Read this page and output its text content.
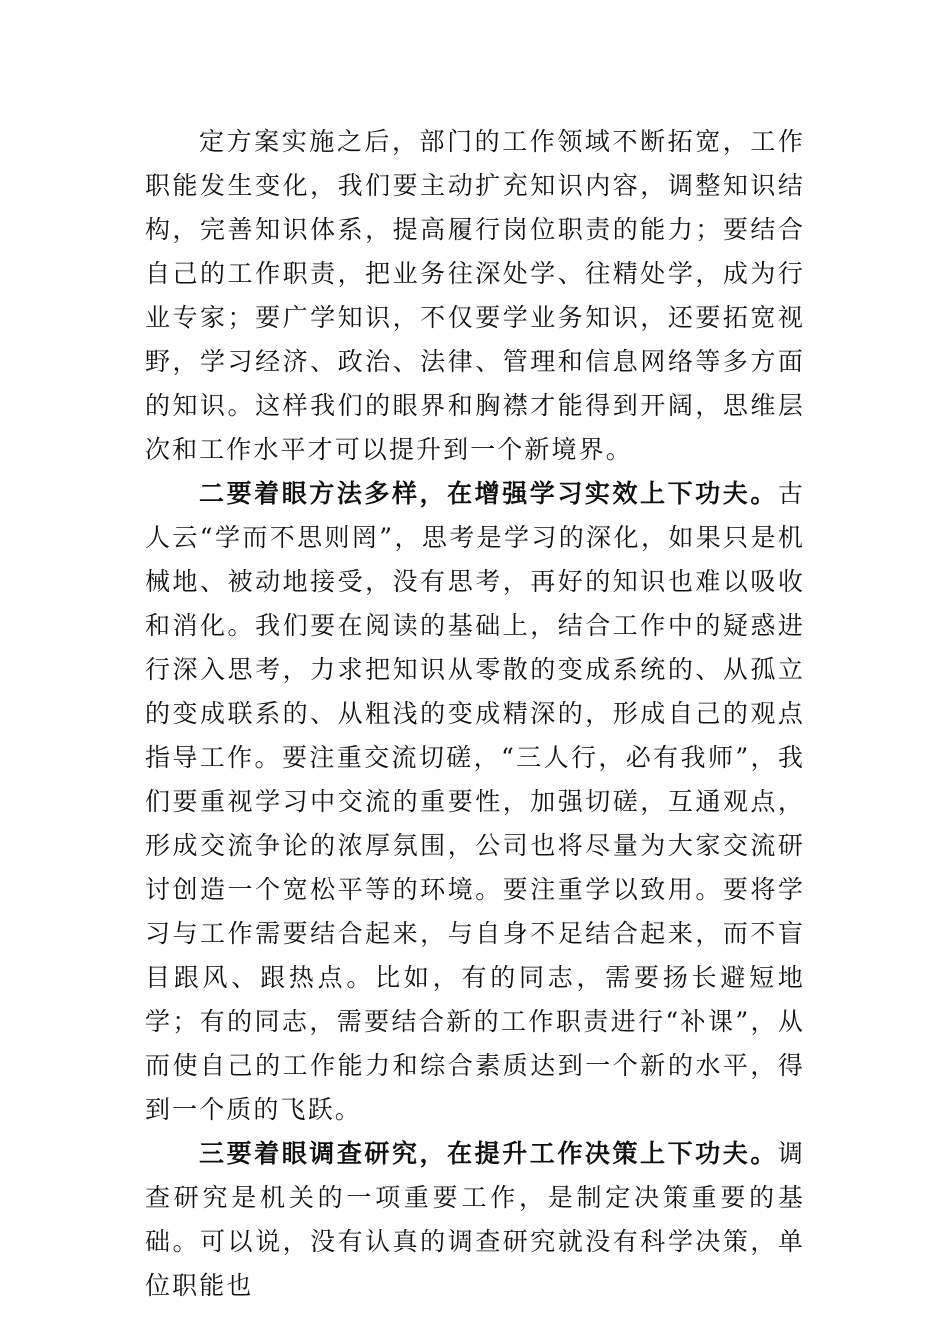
定方案实施之后，部门的工作领域不断拓宽，工作职能发生变化，我们要主动扩充知识内容，调整知识结构，完善知识体系，提高履行岗位职责的能力；要结合自己的工作职责，把业务往深处学、往精处学，成为行业专家；要广学知识，不仅要学业务知识，还要拓宽视野，学习经济、政治、法律、管理和信息网络等多方面的知识。这样我们的眼界和胸襟才能得到开阔，思维层次和工作水平才可以提升到一个新境界。

二要着眼方法多样，在增强学习实效上下功夫。古人云“学而不思则罔”，思考是学习的深化，如果只是机械地、被动地接受，没有思考，再好的知识也难以吸收和消化。我们要在阅读的基础上，结合工作中的疑惑进行深入思考，力求把知识从零散的变成系统的、从孤立的变成联系的、从粗浅的变成精深的，形成自己的观点指导工作。要注重交流切磋，“三人行，必有我师”，我们要重视学习中交流的重要性，加强切磋，互通观点，形成交流争论的浓厚氛围，公司也将尽量为大家交流研讨创造一个宽松平等的环境。要注重学以致用。要将学习与工作需要结合起来，与自身不足结合起来，而不盲目跟风、跟热点。比如，有的同志，需要扬长避短地学；有的同志，需要结合新的工作职责进行“补课”，从而使自己的工作能力和综合素质达到一个新的水平，得到一个质的飞跃。

三要着眼调查研究，在提升工作决策上下功夫。调查研究是机关的一项重要工作，是制定决策重要的基础。可以说，没有认真的调查研究就没有科学决策，单位职能也
